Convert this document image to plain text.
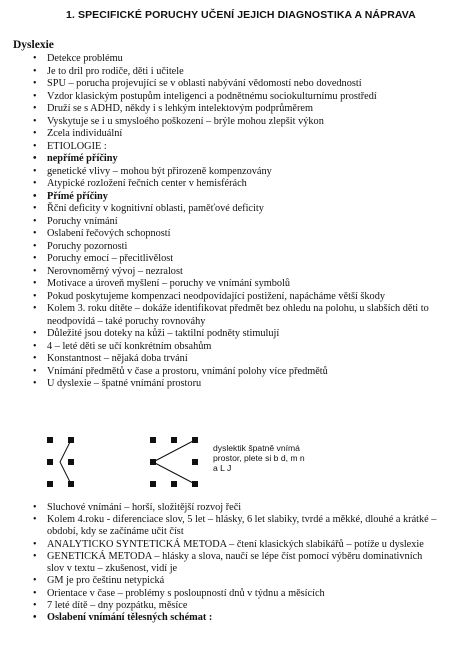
1. SPECIFICKÉ PORUCHY UČENÍ JEJICH DIAGNOSTIKA A NÁPRAVA
Dyslexie
• Detekce problému
• Je to dril pro rodiče, děti i učitele
• SPU – porucha projevující se v oblasti nabývání vědomostí nebo dovedností
• Vzdor klasickým postupům inteligenci a podnětnému sociokulturnímu prostředí
• Druží se s ADHD, někdy i s lehkým intelektovým podprůměrem
• Vyskytuje se i u smysloého poškození – brýle mohou zlepšit výkon
• Zcela individuální
• ETIOLOGIE :
• nepřímé příčiny
• genetické vlivy – mohou být přirozeně kompenzovány
• Atypické rozložení řečních center v hemisférách
• Přímé příčiny
• Řční deficity v kognitivní oblasti, paměťové deficity
• Poruchy vnímání
• Oslabení řečových schopností
• Poruchy pozornosti
• Poruchy emocí – přecitlivělost
• Nerovnoměrný vývoj – nezralost
• Motivace a úroveň myšlení – poruchy ve vnímání symbolů
• Pokud poskytujeme kompenzaci neodpovídající postižení, napácháme větší škody
• Kolem 3. roku dítěte – dokáže identifikovat předmět bez ohledu na polohu, u slabších děti to neodpovídá – také poruchy rovnováhy
• Důležité jsou doteky na kůži – taktilní podněty stimulují
• 4 – leté děti se učí konkrétním obsahům
• Konstantnost – nějaká doba trvání
• Vnímání předmětů v čase a prostoru, vnímání polohy více předmětů
• U dyslexie – špatné vnímání prostoru
dyslektik špatně vnímá
prostor, plete si b d, m n
a L J
• Sluchové vnímání – horší, složitější rozvoj řeči
• Kolem 4.roku - diferenciace slov, 5 let – hlásky, 6 let slabiky, tvrdé a měkké, dlouhé a krátké – období, kdy se začínáme učit číst
• ANALYTICKO SYNTETICKÁ METODA – čtení klasických slabikářů – potíže u dyslexie
• GENETICKÁ METODA – hlásky a slova, naučí se lépe číst pomocí výběru dominativních slov v textu – zkušenost, vidí je
• GM je pro češtinu netypická
• Orientace v čase – problémy s posloupností dnů v týdnu a měsících
• 7 leté dítě – dny pozpátku, měsíce
• Oslabení vnímání tělesných schémat :
